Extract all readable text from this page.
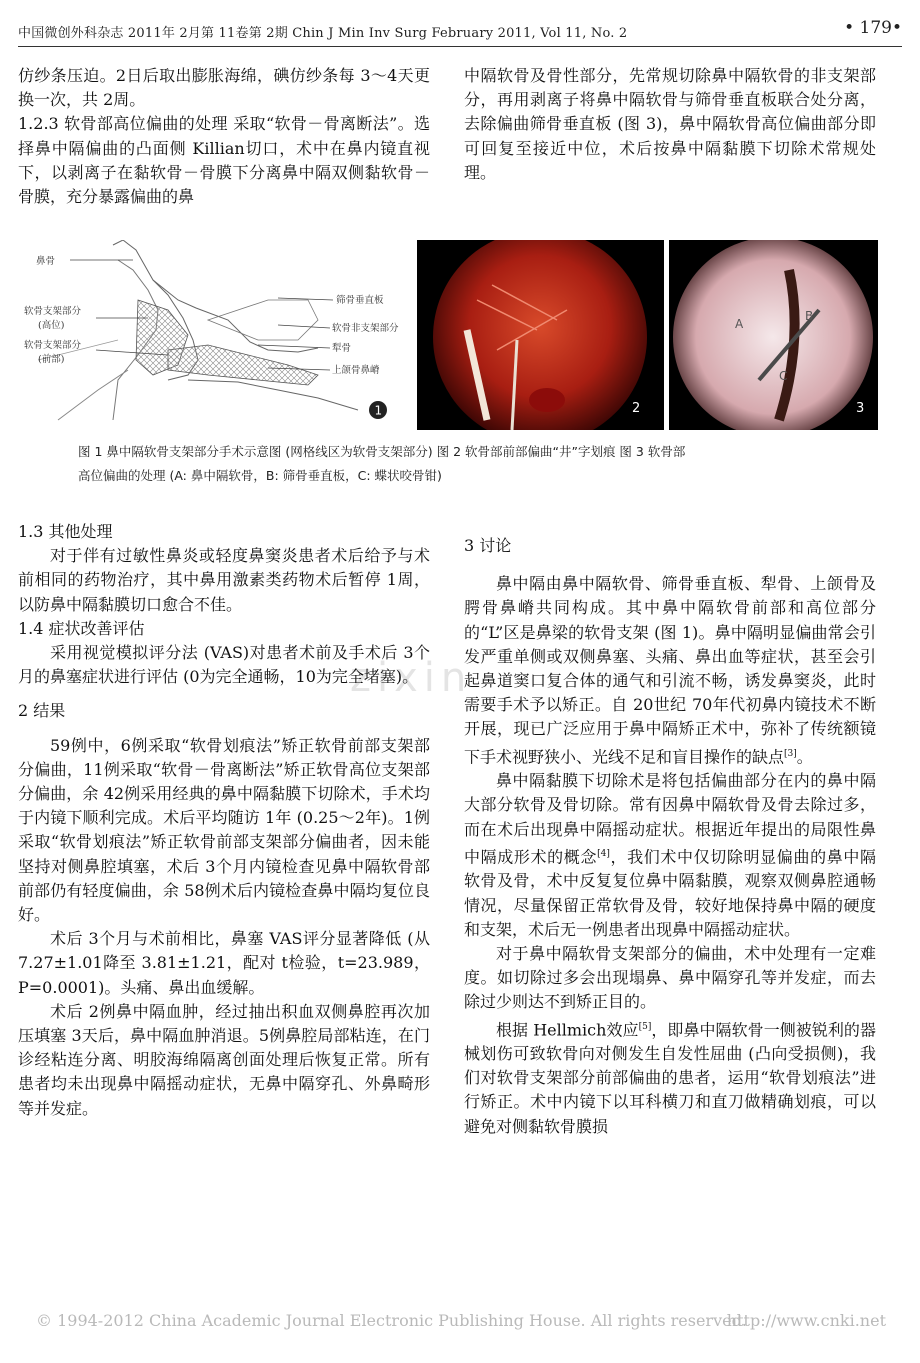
中国微创外科杂志 2011年 2月第 11卷第 2期 Chin J Min Inv Surg February 2011, Vol 11, No. 2	• 179•

仿纱条压迫。2日后取出膨胀海绵，碘仿纱条每 3～4天更换一次，共 2周。

1.2.3 软骨部高位偏曲的处理 采取“软骨－骨离断法”。选择鼻中隔偏曲的凸面侧 Killian切口，术中在鼻内镜直视下，以剥离子在黏软骨－骨膜下分离鼻中隔双侧黏软骨－骨膜，充分暴露偏曲的鼻

中隔软骨及骨性部分，先常规切除鼻中隔软骨的非支架部分，再用剥离子将鼻中隔软骨与筛骨垂直板联合处分离，去除偏曲筛骨垂直板 (图 3)，鼻中隔软骨高位偏曲部分即可回复至接近中位，术后按鼻中隔黏膜下切除术常规处理。

鼻骨
软骨支架部分
(高位)
软骨支架部分
(前部)
筛骨垂直板
软骨非支架部分
犁骨
上颌骨鼻嵴
1	2
A
B
C
3
图 1 鼻中隔软骨支架部分手术示意图 (网格线区为软骨支架部分) 图 2 软骨部前部偏曲“井”字划痕 图 3 软骨部
高位偏曲的处理 (A: 鼻中隔软骨，B: 筛骨垂直板，C: 蝶状咬骨钳)
zixin

1.3 其他处理

对于伴有过敏性鼻炎或轻度鼻窦炎患者术后给予与术前相同的药物治疗，其中鼻用激素类药物术后暂停 1周，以防鼻中隔黏膜切口愈合不佳。

1.4 症状改善评估

采用视觉模拟评分法 (VAS)对患者术前及手术后 3个月的鼻塞症状进行评估 (0为完全通畅，10为完全堵塞)。

2 结果

59例中，6例采取“软骨划痕法”矫正软骨前部支架部分偏曲，11例采取“软骨－骨离断法”矫正软骨高位支架部分偏曲，余 42例采用经典的鼻中隔黏膜下切除术，手术均于内镜下顺利完成。术后平均随访 1年 (0.25～2年)。1例采取“软骨划痕法”矫正软骨前部支架部分偏曲者，因未能坚持对侧鼻腔填塞，术后 3个月内镜检查见鼻中隔软骨部前部仍有轻度偏曲，余 58例术后内镜检查鼻中隔均复位良好。

术后 3个月与术前相比，鼻塞 VAS评分显著降低 (从 7.27±1.01降至 3.81±1.21，配对 t检验，t=23.989，P=0.0001)。头痛、鼻出血缓解。

术后 2例鼻中隔血肿，经过抽出积血双侧鼻腔再次加压填塞 3天后，鼻中隔血肿消退。5例鼻腔局部粘连，在门诊经粘连分离、明胶海绵隔离创面处理后恢复正常。所有患者均未出现鼻中隔摇动症状，无鼻中隔穿孔、外鼻畸形等并发症。

3 讨论

鼻中隔由鼻中隔软骨、筛骨垂直板、犁骨、上颌骨及腭骨鼻嵴共同构成。其中鼻中隔软骨前部和高位部分的“L”区是鼻梁的软骨支架 (图 1)。鼻中隔明显偏曲常会引发严重单侧或双侧鼻塞、头痛、鼻出血等症状，甚至会引起鼻道窦口复合体的通气和引流不畅，诱发鼻窦炎，此时需要手术予以矫正。自 20世纪 70年代初鼻内镜技术不断开展，现已广泛应用于鼻中隔矫正术中，弥补了传统额镜下手术视野狭小、光线不足和盲目操作的缺点[3]。

鼻中隔黏膜下切除术是将包括偏曲部分在内的鼻中隔大部分软骨及骨切除。常有因鼻中隔软骨及骨去除过多，而在术后出现鼻中隔摇动症状。根据近年提出的局限性鼻中隔成形术的概念[4]，我们术中仅切除明显偏曲的鼻中隔软骨及骨，术中反复复位鼻中隔黏膜，观察双侧鼻腔通畅情况，尽量保留正常软骨及骨，较好地保持鼻中隔的硬度和支架，术后无一例患者出现鼻中隔摇动症状。

对于鼻中隔软骨支架部分的偏曲，术中处理有一定难度。如切除过多会出现塌鼻、鼻中隔穿孔等并发症，而去除过少则达不到矫正目的。

根据 Hellmich效应[5]，即鼻中隔软骨一侧被锐利的器械划伤可致软骨向对侧发生自发性屈曲 (凸向受损侧)，我们对软骨支架部分前部偏曲的患者，运用“软骨划痕法”进行矫正。术中内镜下以耳科横刀和直刀做精确划痕，可以避免对侧黏软骨膜损

© 1994-2012 China Academic Journal Electronic Publishing House. All rights reserved.
http://www.cnki.net
